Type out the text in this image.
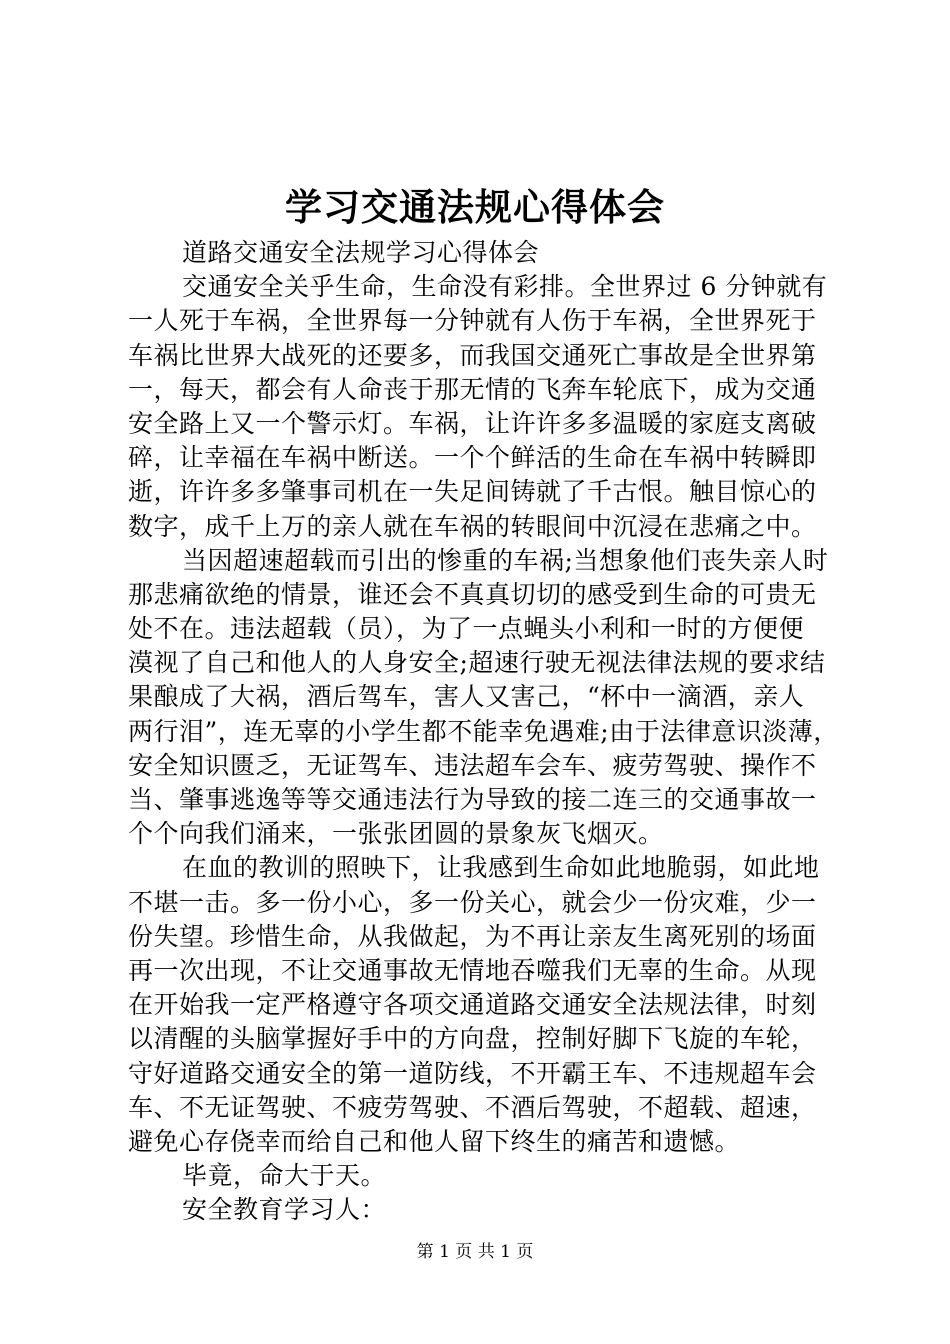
学习交通法规心得体会
道路交通安全法规学习心得体会
交通安全关乎生命，生命没有彩排。全世界过 6 分钟就有
一人死于车祸，全世界每一分钟就有人伤于车祸，全世界死于
车祸比世界大战死的还要多，而我国交通死亡事故是全世界第
一，每天，都会有人命丧于那无情的飞奔车轮底下，成为交通
安全路上又一个警示灯。车祸，让许许多多温暖的家庭支离破
碎，让幸福在车祸中断送。一个个鲜活的生命在车祸中转瞬即
逝，许许多多肇事司机在一失足间铸就了千古恨。触目惊心的
数字，成千上万的亲人就在车祸的转眼间中沉浸在悲痛之中。
当因超速超载而引出的惨重的车祸;当想象他们丧失亲人时
那悲痛欲绝的情景，谁还会不真真切切的感受到生命的可贵无
处不在。违法超载（员），为了一点蝇头小利和一时的方便便
漠视了自己和他人的人身安全;超速行驶无视法律法规的要求结
果酿成了大祸，酒后驾车，害人又害己，“杯中一滴酒，亲人
两行泪”，连无辜的小学生都不能幸免遇难;由于法律意识淡薄，
安全知识匮乏，无证驾车、违法超车会车、疲劳驾驶、操作不
当、肇事逃逸等等交通违法行为导致的接二连三的交通事故一
个个向我们涌来，一张张团圆的景象灰飞烟灭。
在血的教训的照映下，让我感到生命如此地脆弱，如此地
不堪一击。多一份小心，多一份关心，就会少一份灾难，少一
份失望。珍惜生命，从我做起，为不再让亲友生离死别的场面
再一次出现，不让交通事故无情地吞噬我们无辜的生命。从现
在开始我一定严格遵守各项交通道路交通安全法规法律，时刻
以清醒的头脑掌握好手中的方向盘，控制好脚下飞旋的车轮，
守好道路交通安全的第一道防线，不开霸王车、不违规超车会
车、不无证驾驶、不疲劳驾驶、不酒后驾驶，不超载、超速，
避免心存侥幸而给自己和他人留下终生的痛苦和遗憾。
毕竟，命大于天。
安全教育学习人：
第 1 页 共 1 页
